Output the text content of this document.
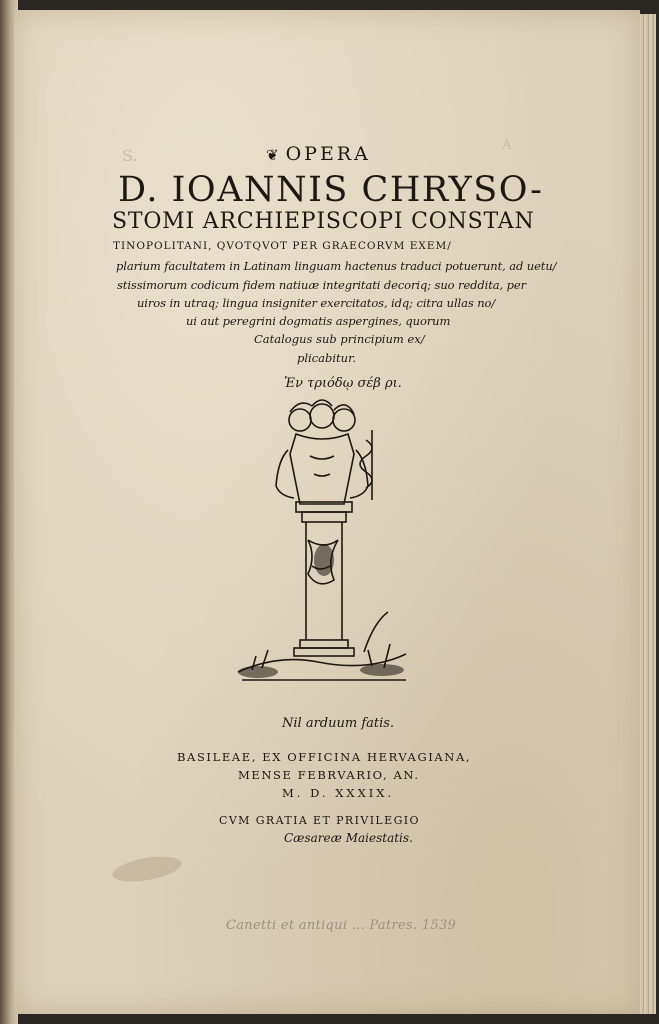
S.
A

❦ OPERA

D. IOANNIS CHRYSO-

STOMI ARCHIEPISCOPI CONSTAN

TINOPOLITANI, QVOTQVOT PER GRAECORVM EXEM/

plarium facultatem in Latinam linguam hactenus traduci potuerunt, ad uetu/

stissimorum codicum fidem natiuæ integritati decoriq; suo reddita, per

uiros in utraq; lingua insigniter exercitatos, idq; citra ullas no/

ui aut peregrini dogmatis aspergines, quorum

Catalogus sub principium ex/

plicabitur.

Ἐν τριόδῳ σέβ ρι.

Nil arduum fatis.

BASILEAE, EX OFFICINA HERVAGIANA,

MENSE FEBRVARIO, AN.

M. D. XXXIX.

CVM GRATIA ET PRIVILEGIO

Cæsareæ Maiestatis.

Canetti et antiqui ... Patres. 1539
